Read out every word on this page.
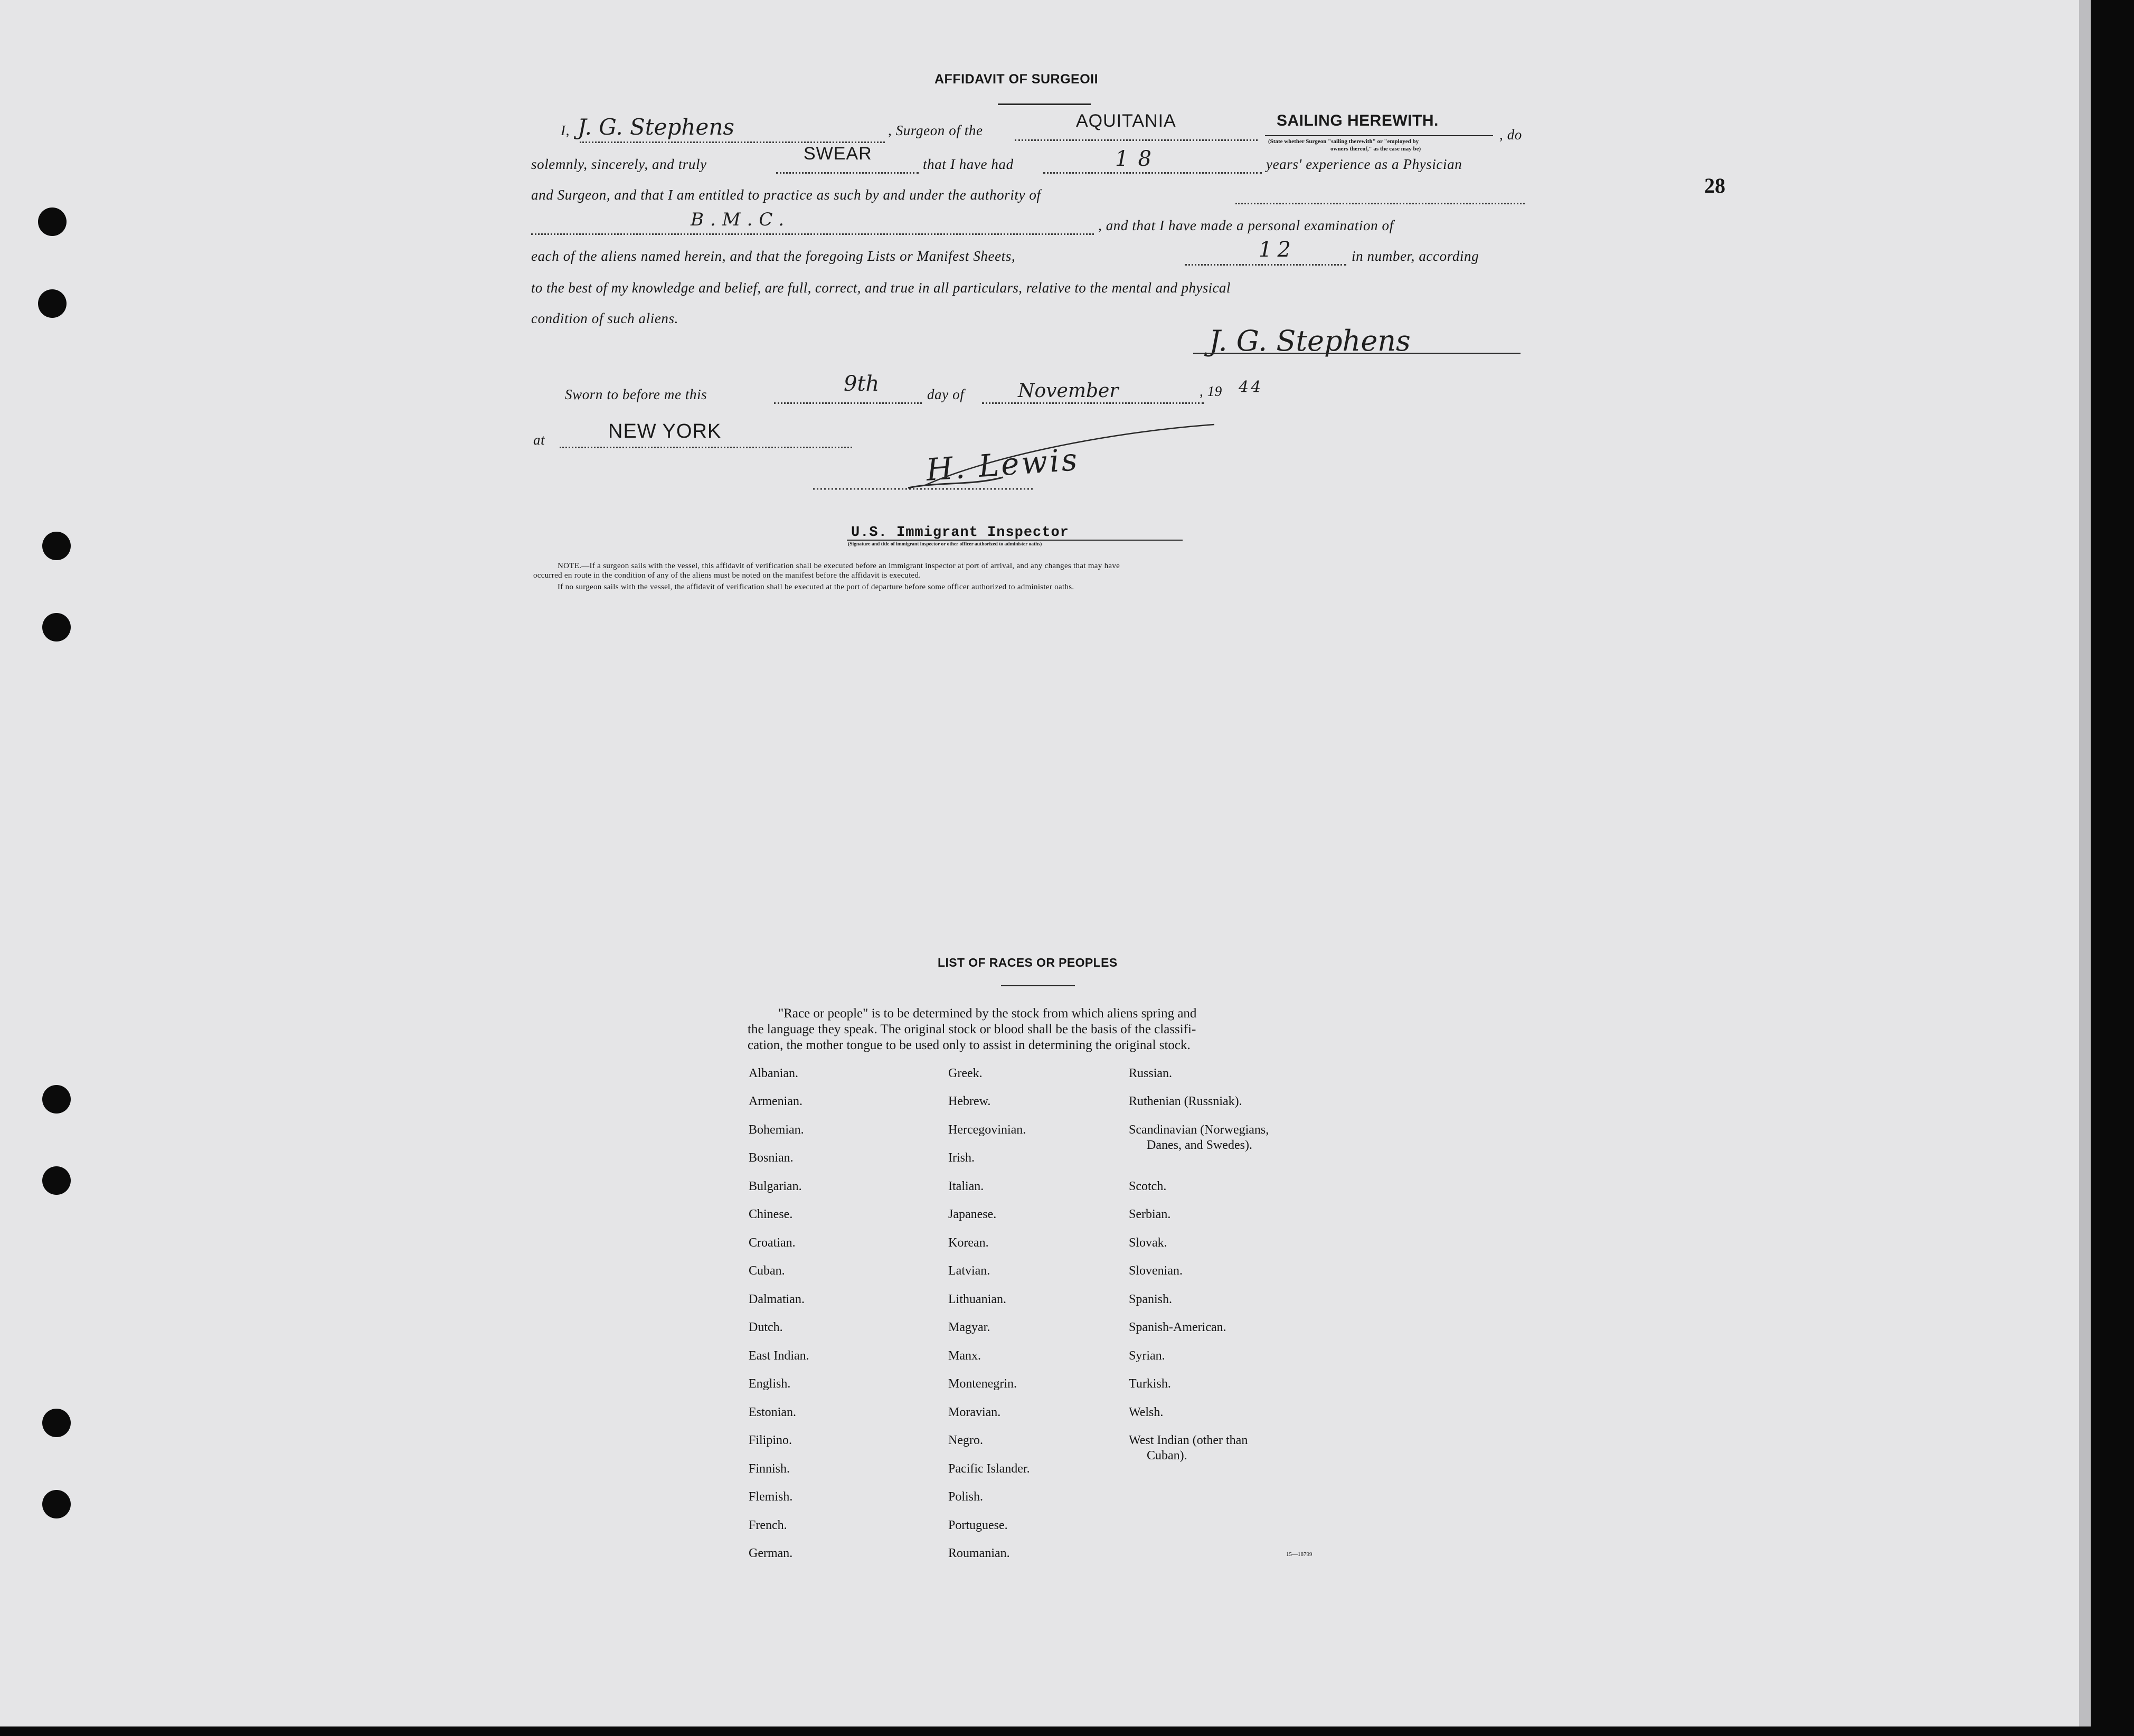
28
AFFIDAVIT OF SURGEOII
I, J. G. Stephens	, Surgeon of the	AQUITANIA	SAILING HEREWITH.
(State whether Surgeon "sailing therewith" or "employed by
owners thereof," as the case may be)
, do
solemnly, sincerely, and truly
SWEAR
that I have had	18	years' experience as a Physician
and Surgeon, and that I am entitled to practice as such by and under the authority of
B.M.C.	, and that I have made a personal examination of
each of the aliens named herein, and that the foregoing Lists or Manifest Sheets,	12	in number, according
to the best of my knowledge and belief, are full, correct, and true in all particulars, relative to the mental and physical
condition of such aliens.
J. G. Stephens
Sworn to before me this	9th	day of	November	, 19 44
at	NEW YORK
H. Lewis
U.S. Immigrant Inspector
(Signature and title of immigrant inspector or other officer authorized to administer oaths)
NOTE.—If a surgeon sails with the vessel, this affidavit of verification shall be executed before an immigrant inspector at port of arrival, and any changes that may have
occurred en route in the condition of any of the aliens must be noted on the manifest before the affidavit is executed.
If no surgeon sails with the vessel, the affidavit of verification shall be executed at the port of departure before some officer authorized to administer oaths.
LIST OF RACES OR PEOPLES
"Race or people" is to be determined by the stock from which aliens spring and
the language they speak. The original stock or blood shall be the basis of the classifi-
cation, the mother tongue to be used only to assist in determining the original stock.
Albanian.
Armenian.
Bohemian.
Bosnian.
Bulgarian.
Chinese.
Croatian.
Cuban.
Dalmatian.
Dutch.
East Indian.
English.
Estonian.
Filipino.
Finnish.
Flemish.
French.
German.
Greek.
Hebrew.
Hercegovinian.
Irish.
Italian.
Japanese.
Korean.
Latvian.
Lithuanian.
Magyar.
Manx.
Montenegrin.
Moravian.
Negro.
Pacific Islander.
Polish.
Portuguese.
Roumanian.
Russian.
Ruthenian (Russniak).
Scandinavian (Norwegians,
Danes, and Swedes).
Scotch.
Serbian.
Slovak.
Slovenian.
Spanish.
Spanish-American.
Syrian.
Turkish.
Welsh.
West Indian (other than
Cuban).
15—18799
